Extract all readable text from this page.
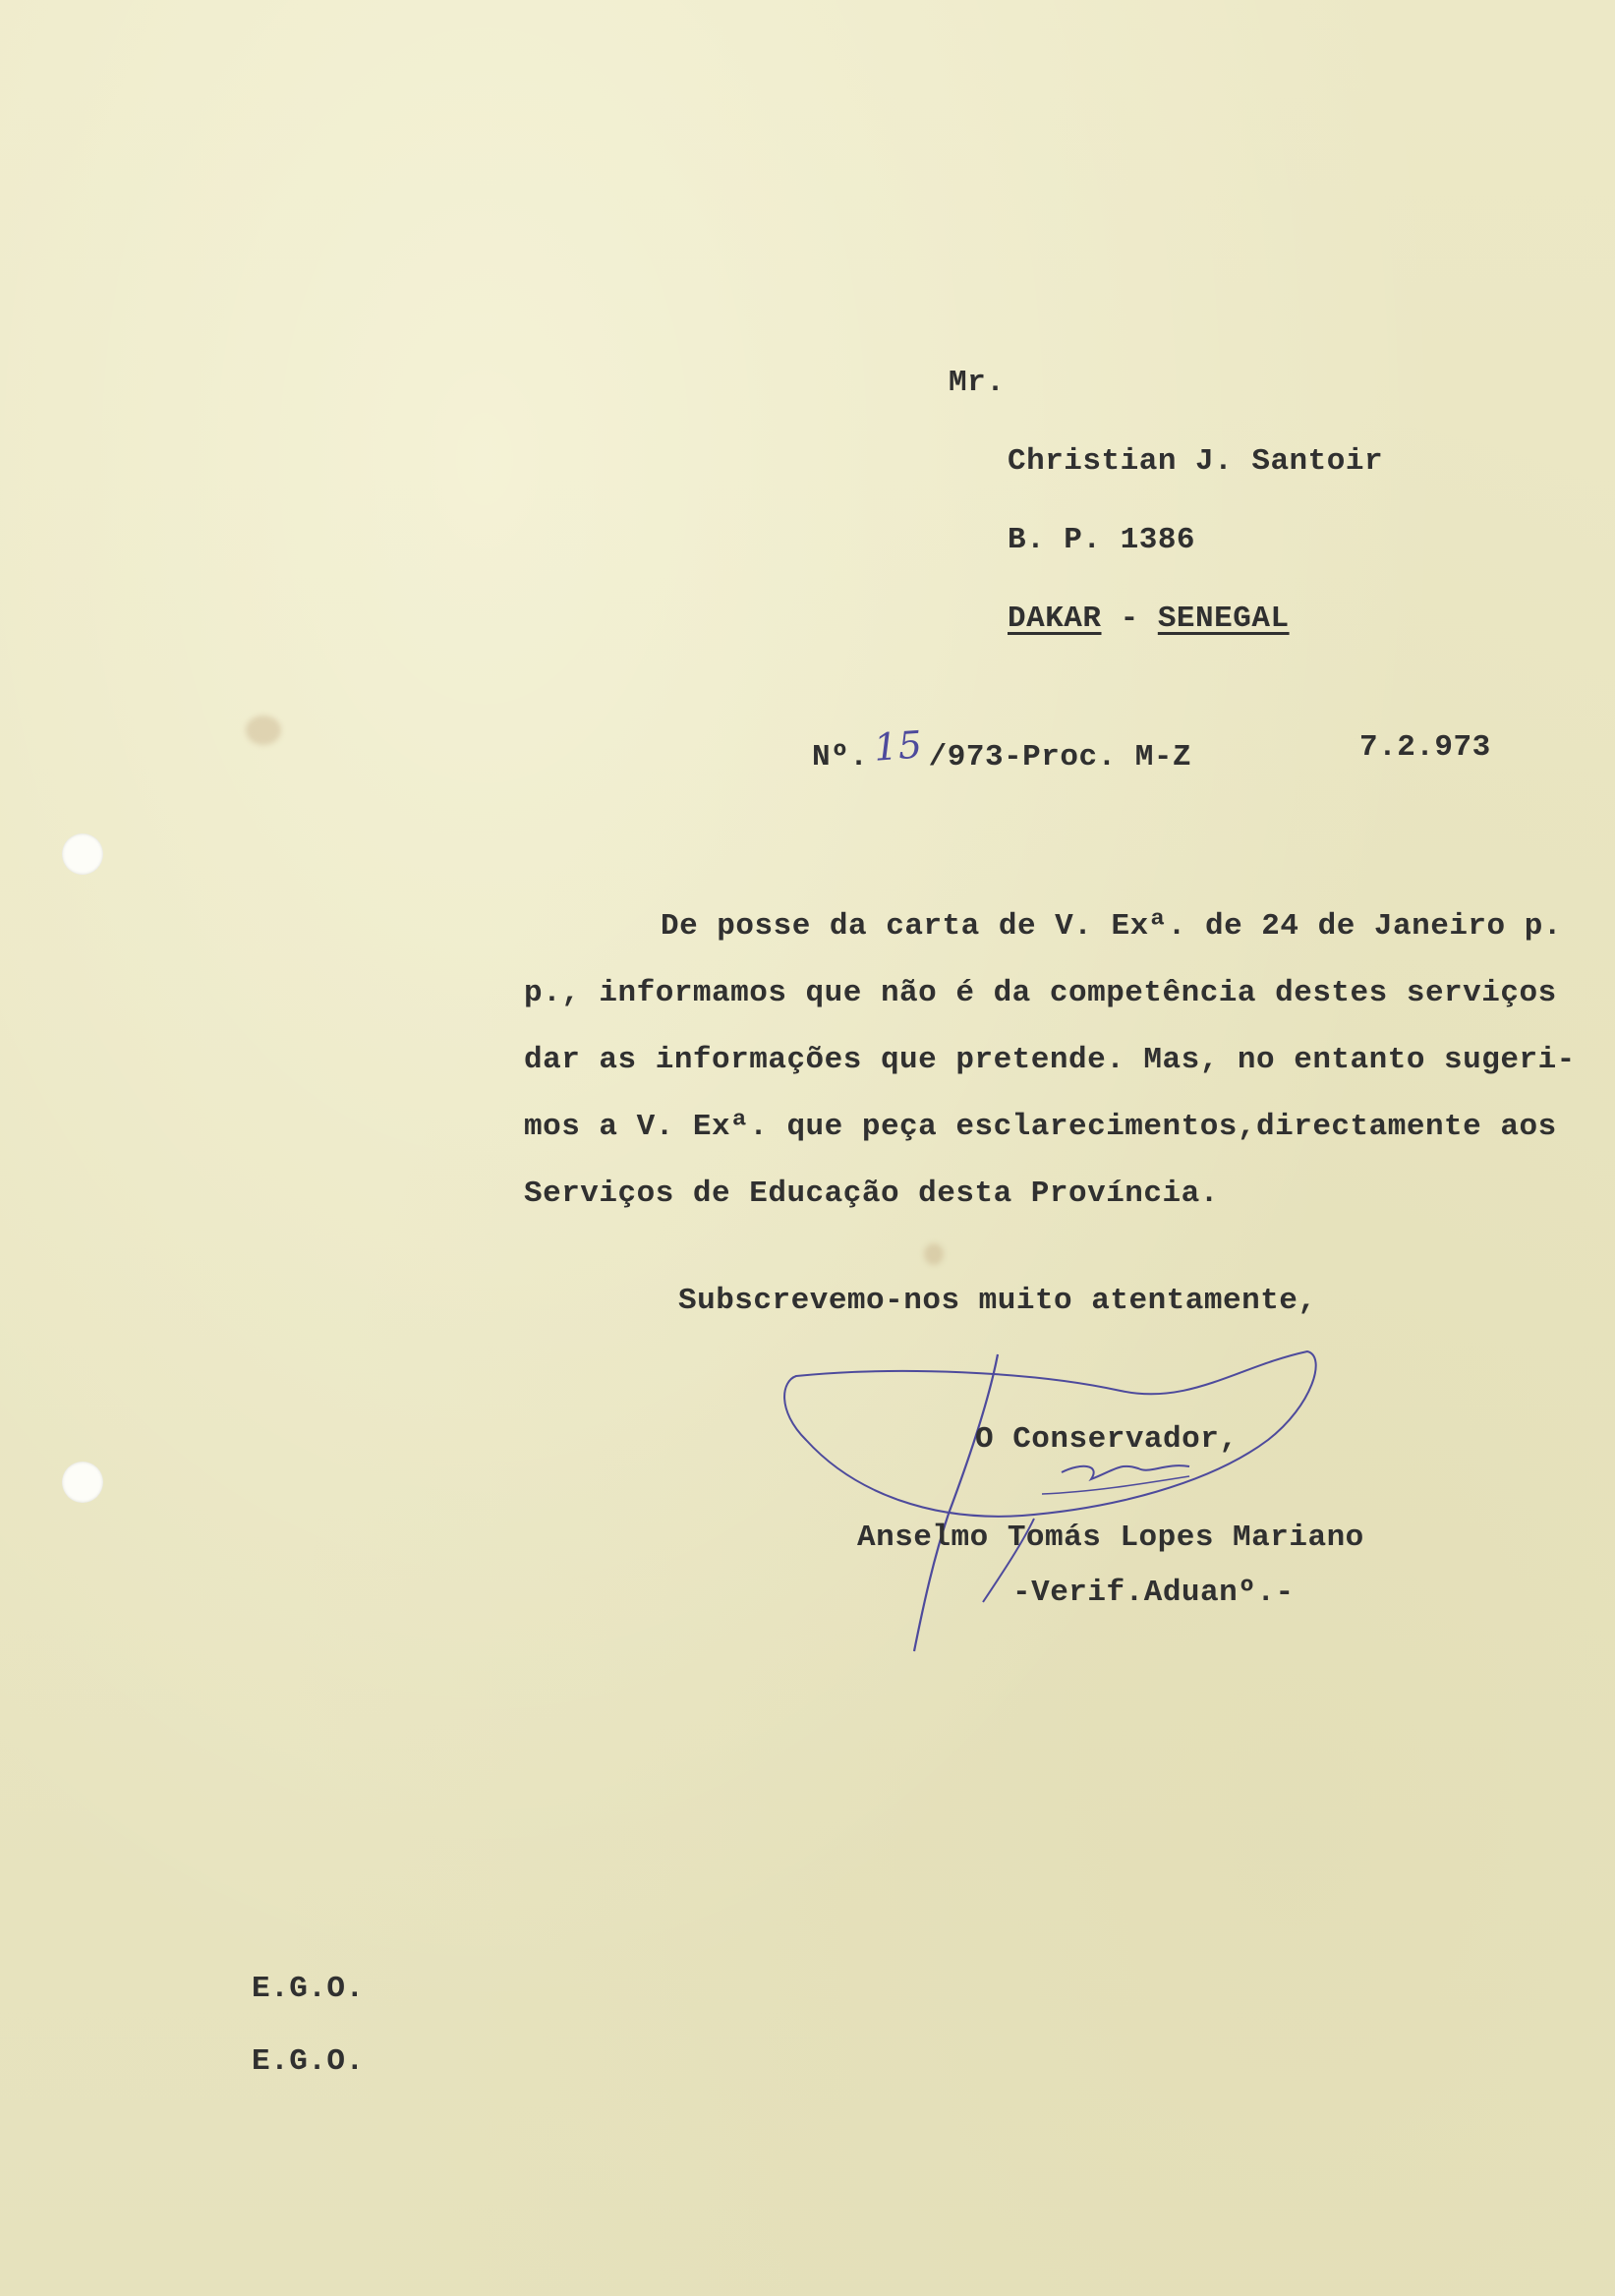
Mr.
Christian J. Santoir
B. P. 1386
DAKAR - SENEGAL
Nº. 15 /973-Proc. M-Z	7.2.973
De posse da carta de V. Exª. de 24 de Janeiro p.
p., informamos que não é da competência destes serviços
dar as informações que pretende. Mas, no entanto sugeri-
mos a V. Exª. que peça esclarecimentos,directamente aos
Serviços de Educação desta Província.
Subscrevemo-nos muito atentamente,
O Conservador,
Anselmo Tomás Lopes Mariano
-Verif.Aduanº.-
E.G.O.
E.G.O.
